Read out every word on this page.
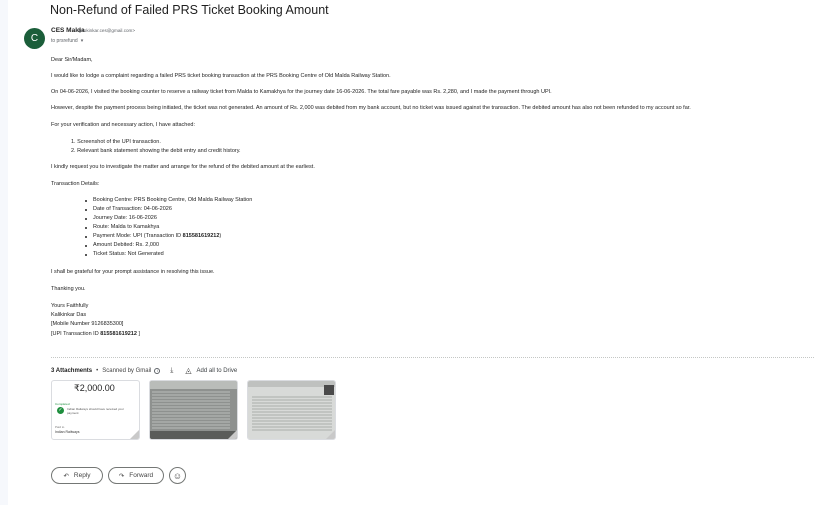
Non-Refund of Failed PRS Ticket Booking Amount
C
CES Malda
<geokinkar.ces@gmail.com>
to prsrefund ▾
Dear Sir/Madam,
I would like to lodge a complaint regarding a failed PRS ticket booking transaction at the PRS Booking Centre of Old Malda Railway Station.
On 04-06-2026, I visited the booking counter to reserve a railway ticket from Malda to Kamakhya for the journey date 16-06-2026. The total fare payable was Rs. 2,280, and I made the payment through UPI.
However, despite the payment process being initiated, the ticket was not generated. An amount of Rs. 2,000 was debited from my bank account, but no ticket was issued against the transaction. The debited amount has also not been refunded to my account so far.
For your verification and necessary action, I have attached:
1. Screenshot of the UPI transaction.
2. Relevant bank statement showing the debit entry and credit history.
I kindly request you to investigate the matter and arrange for the refund of the debited amount at the earliest.
Transaction Details:
Booking Centre: PRS Booking Centre, Old Malda Railway Station
Date of Transaction: 04-06-2026
Journey Date: 16-06-2026
Route: Malda to Kamakhya
Payment Mode: UPI (Transaction ID 815581619212)
Amount Debited: Rs. 2,000
Ticket Status: Not Generated
I shall be grateful for your prompt assistance in resolving this issue.
Thanking you.
Yours Faithfully
Kalikinkar Das
[Mobile Number 9126835300]
[UPI Transaction ID 815581619212 ]
3 Attachments • Scanned by Gmail	i	⤓ ◬ Add all to Drive
₹2,000.00
Completed
✓	Indian Railways should have received your payment
Paid to
Indian Railways
↶ Reply	↷ Forward ☺
